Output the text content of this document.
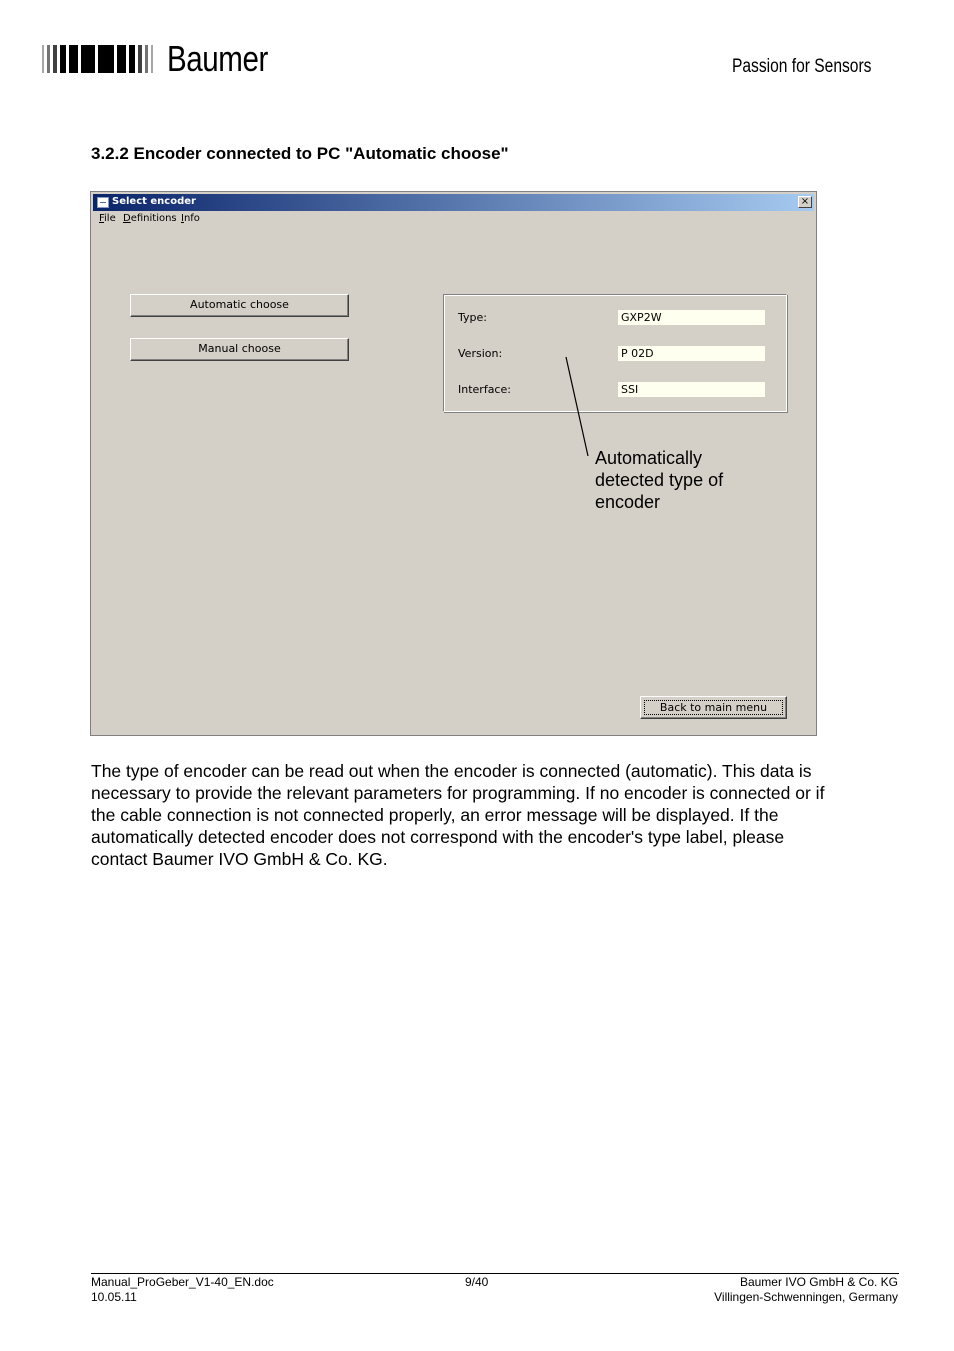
Baumer	Passion for Sensors
3.2.2 Encoder connected to PC "Automatic choose"
Select encoder	×
File Definitions Info
Automatic choose
Manual choose
Type:	GXP2W
Version:	P 02D
Interface:	SSI
Back to main menu
Automatically
detected type of
encoder
The type of encoder can be read out when the encoder is connected (automatic). This data is
necessary to provide the relevant parameters for programming. If no encoder is connected or if
the cable connection is not connected properly, an error message will be displayed. If the
automatically detected encoder does not correspond with the encoder's type label, please
contact Baumer IVO GmbH & Co. KG.
Manual_ProGeber_V1-40_EN.doc
10.05.11
9/40	Baumer IVO GmbH & Co. KG
Villingen-Schwenningen, Germany
